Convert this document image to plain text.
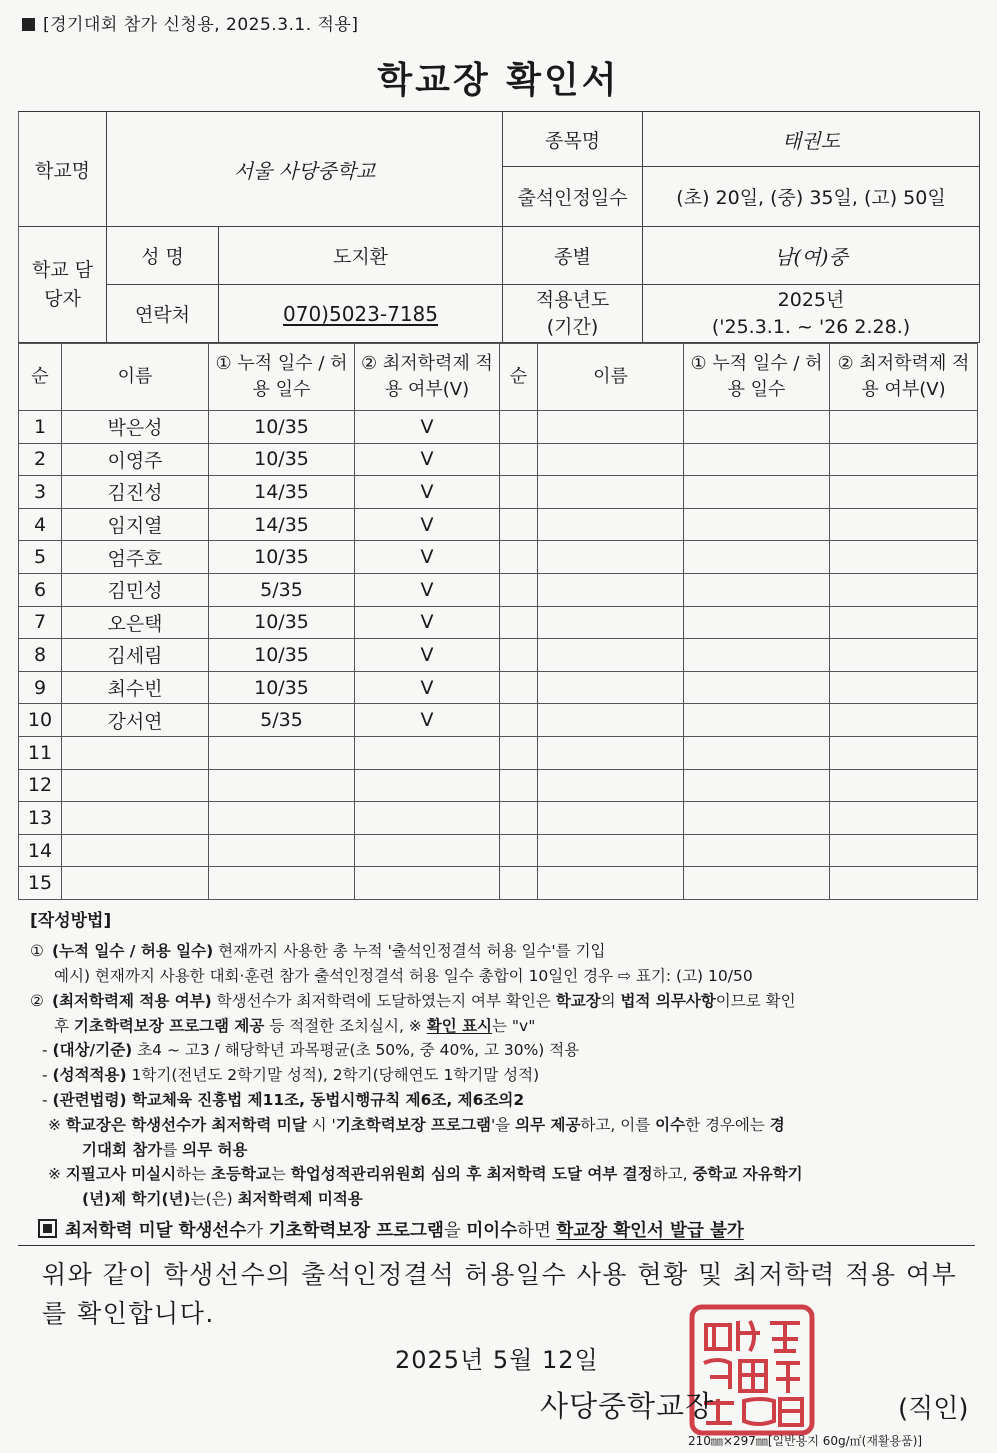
[경기대회 참가 신청용, 2025.3.1. 적용]
학교장 확인서
학교명	서울 사당중학교		종목명	태권도
			출석인정일수	(초) 20일, (중) 35일, (고) 50일
학교 담당자	성 명	도지환	종별	남(여)중
	연락처	070)5023-7185	적용년도 (기간)	2025년
('25.3.1. ~ '26 2.28.)
순	이름	① 누적 일수 / 허용 일수	② 최저학력제 적용 여부(V)	순	이름	① 누적 일수 / 허용 일수	② 최저학력제 적용 여부(V)
1	박은성	10/35	V				
2	이영주	10/35	V				
3	김진성	14/35	V				
4	임지열	14/35	V				
5	엄주호	10/35	V				
6	김민성	5/35	V				
7	오은택	10/35	V				
8	김세림	10/35	V				
9	최수빈	10/35	V				
10	강서연	5/35	V				
11							
12							
13							
14							
15							
[작성방법]
① (누적 일수 / 허용 일수) 현재까지 사용한 총 누적 '출석인정결석 허용 일수'를 기입
예시) 현재까지 사용한 대회·훈련 참가 출석인정결석 허용 일수 총합이 10일인 경우 ⇨ 표기: (고) 10/50
② (최저학력제 적용 여부) 학생선수가 최저학력에 도달하였는지 여부 확인은 학교장의 법적 의무사항이므로 확인
후 기초학력보장 프로그램 제공 등 적절한 조치실시, ※ 확인 표시는 "v"
- (대상/기준) 초4 ~ 고3 / 해당학년 과목평균(초 50%, 중 40%, 고 30%) 적용
- (성적적용) 1학기(전년도 2학기말 성적), 2학기(당해연도 1학기말 성적)
- (관련법령) 학교체육 진흥법 제11조, 동법시행규칙 제6조, 제6조의2
※ 학교장은 학생선수가 최저학력 미달 시 '기초학력보장 프로그램'을 의무 제공하고, 이를 이수한 경우에는 경
기대회 참가를 의무 허용
※ 지필고사 미실시하는 초등학교는 학업성적관리위원회 심의 후 최저학력 도달 여부 결정하고, 중학교 자유학기
(년)제 학기(년)는(은) 최저학력제 미적용
최저학력 미달 학생선수가 기초학력보장 프로그램을 미이수하면 학교장 확인서 발급 불가
위와 같이 학생선수의 출석인정결석 허용일수 사용 현황 및 최저학력 적용 여부를 확인합니다.
2025년 5월 12일
사당중학교장	(직인)
210㎜×297㎜[일반용지 60g/㎡(재활용품)]
